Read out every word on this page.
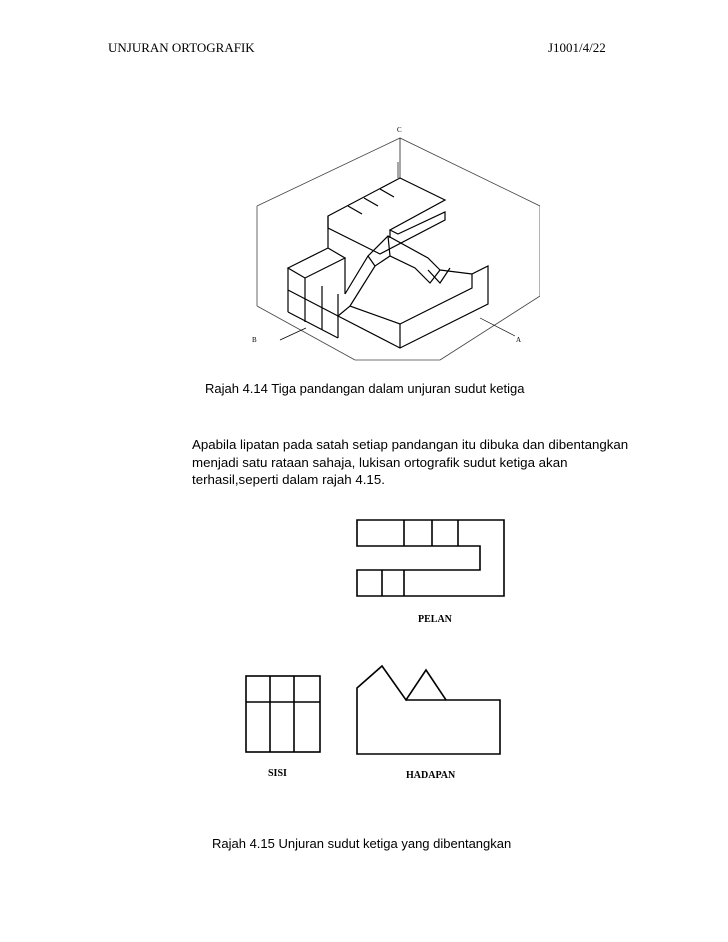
UNJURAN ORTOGRAFIK	J1001/4/22
C
B	A
Rajah 4.14 Tiga pandangan dalam unjuran sudut ketiga

Apabila lipatan pada satah setiap pandangan itu dibuka dan dibentangkan menjadi satu rataan sahaja, lukisan ortografik sudut ketiga akan terhasil,seperti dalam rajah 4.15.

PELAN
SISI	HADAPAN
Rajah 4.15 Unjuran sudut ketiga yang dibentangkan
